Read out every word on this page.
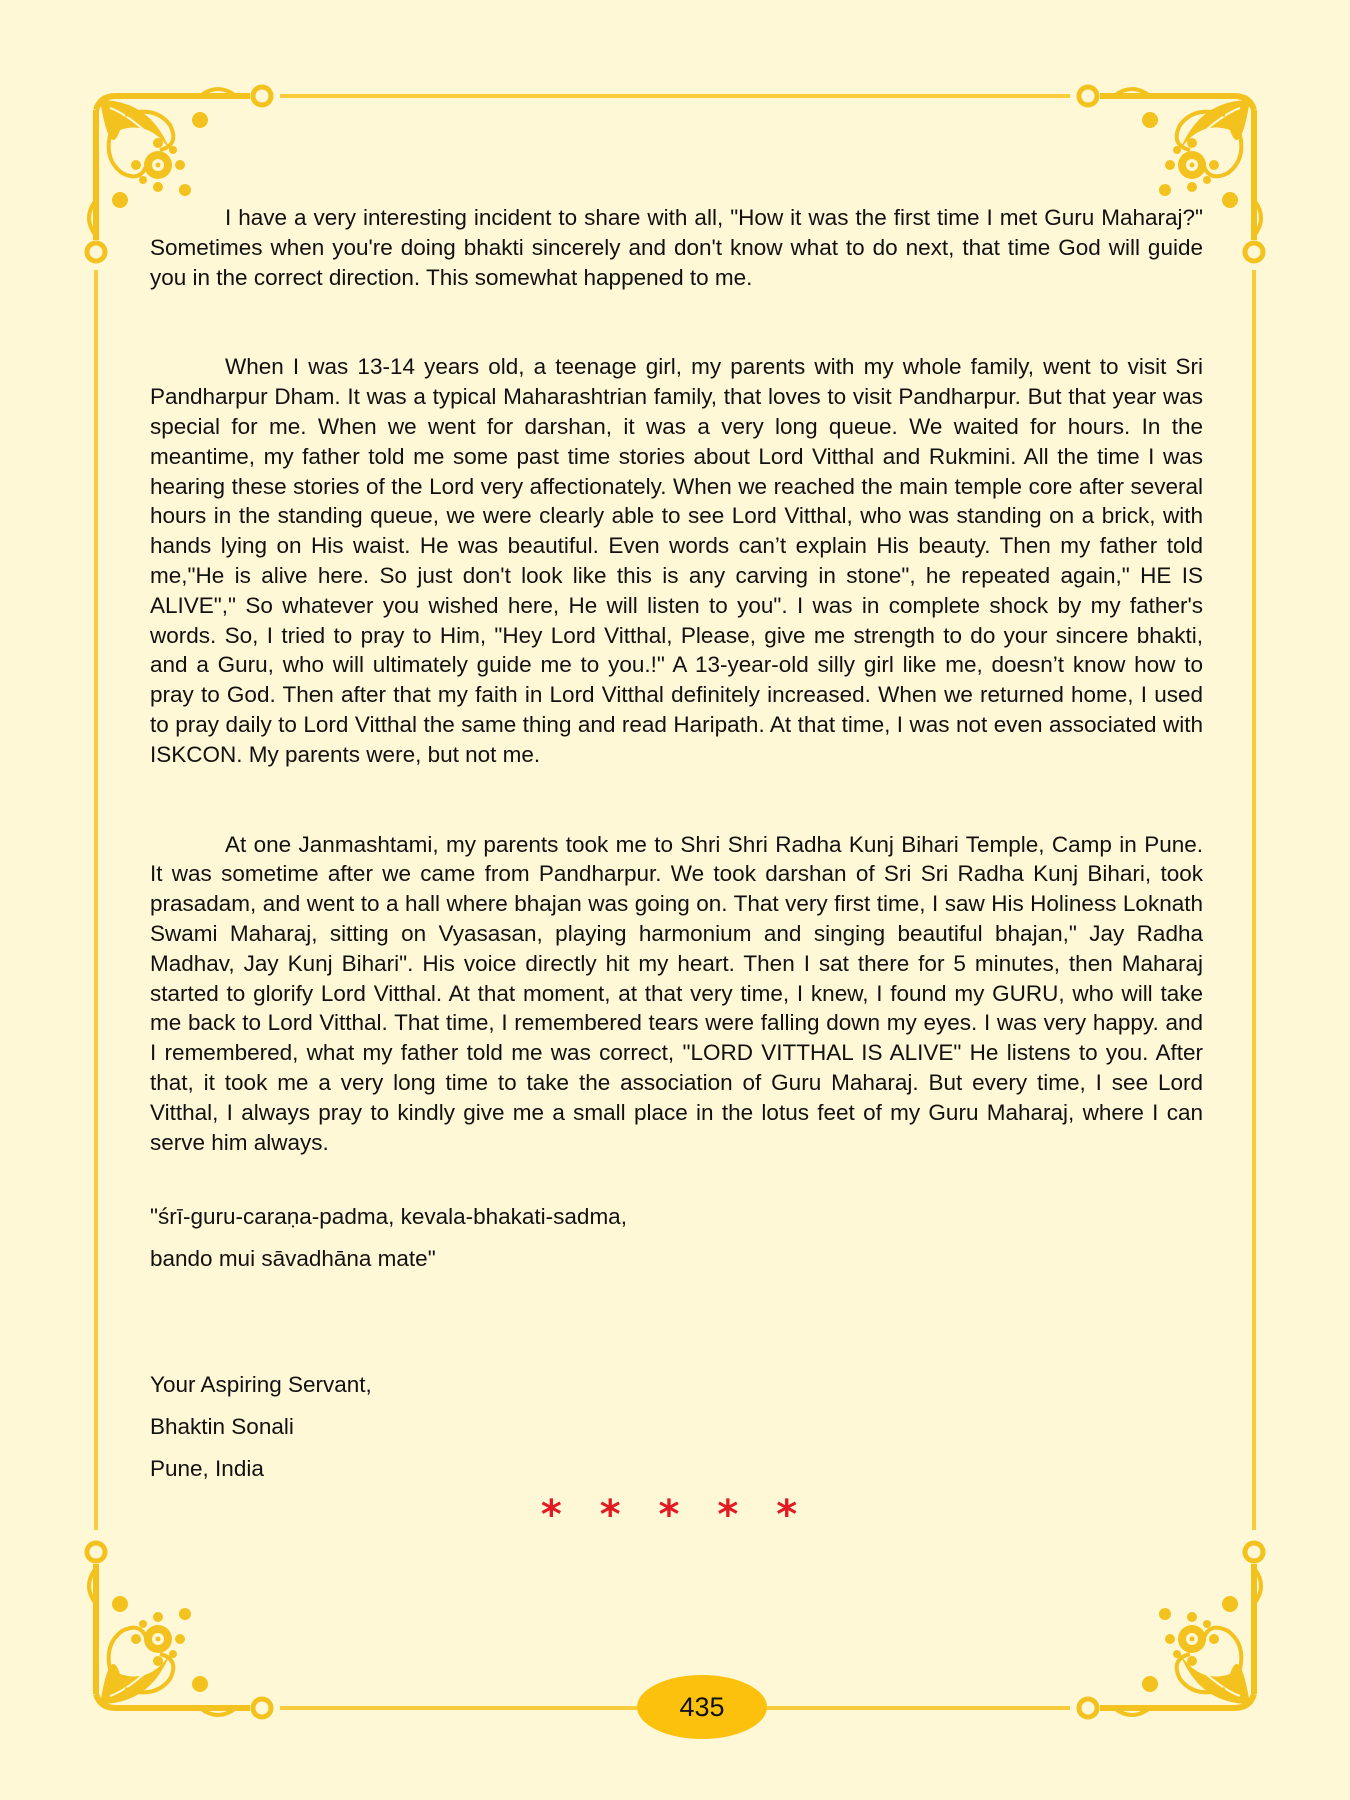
I have a very interesting incident to share with all, "How it was the first time I met Guru Maharaj?" Sometimes when you're doing bhakti sincerely and don't know what to do next, that time God will guide you in the correct direction. This somewhat happened to me.

When I was 13-14 years old, a teenage girl, my parents with my whole family, went to visit Sri Pandharpur Dham. It was a typical Maharashtrian family, that loves to visit Pandharpur. But that year was special for me. When we went for darshan, it was a very long queue. We waited for hours. In the meantime, my father told me some past time stories about Lord Vitthal and Rukmini. All the time I was hearing these stories of the Lord very affectionately. When we reached the main temple core after several hours in the standing queue, we were clearly able to see Lord Vitthal, who was standing on a brick, with hands lying on His waist. He was beautiful. Even words can’t explain His beauty. Then my father told me,"He is alive here. So just don't look like this is any carving in stone", he repeated again," HE IS ALIVE"," So whatever you wished here, He will listen to you". I was in complete shock by my father's words. So, I tried to pray to Him, "Hey Lord Vitthal, Please, give me strength to do your sincere bhakti, and a Guru, who will ultimately guide me to you.!" A 13-year-old silly girl like me, doesn’t know how to pray to God. Then after that my faith in Lord Vitthal definitely increased. When we returned home, I used to pray daily to Lord Vitthal the same thing and read Haripath. At that time, I was not even associated with ISKCON. My parents were, but not me.

At one Janmashtami, my parents took me to Shri Shri Radha Kunj Bihari Temple, Camp in Pune. It was sometime after we came from Pandharpur. We took darshan of Sri Sri Radha Kunj Bihari, took prasadam, and went to a hall where bhajan was going on. That very first time, I saw His Holiness Loknath Swami Maharaj, sitting on Vyasasan, playing harmonium and singing beautiful bhajan," Jay Radha Madhav, Jay Kunj Bihari". His voice directly hit my heart. Then I sat there for 5 minutes, then Maharaj started to glorify Lord Vitthal. At that moment, at that very time, I knew, I found my GURU, who will take me back to Lord Vitthal. That time, I remembered tears were falling down my eyes. I was very happy. and I remembered, what my father told me was correct, "LORD VITTHAL IS ALIVE" He listens to you. After that, it took me a very long time to take the association of Guru Maharaj. But every time, I see Lord Vitthal, I always pray to kindly give me a small place in the lotus feet of my Guru Maharaj, where I can serve him always.

"śrī-guru-caraṇa-padma, kevala-bhakati-sadma,

bando mui sāvadhāna mate"

Your Aspiring Servant,

Bhaktin Sonali

Pune, India

* * * * *
435
